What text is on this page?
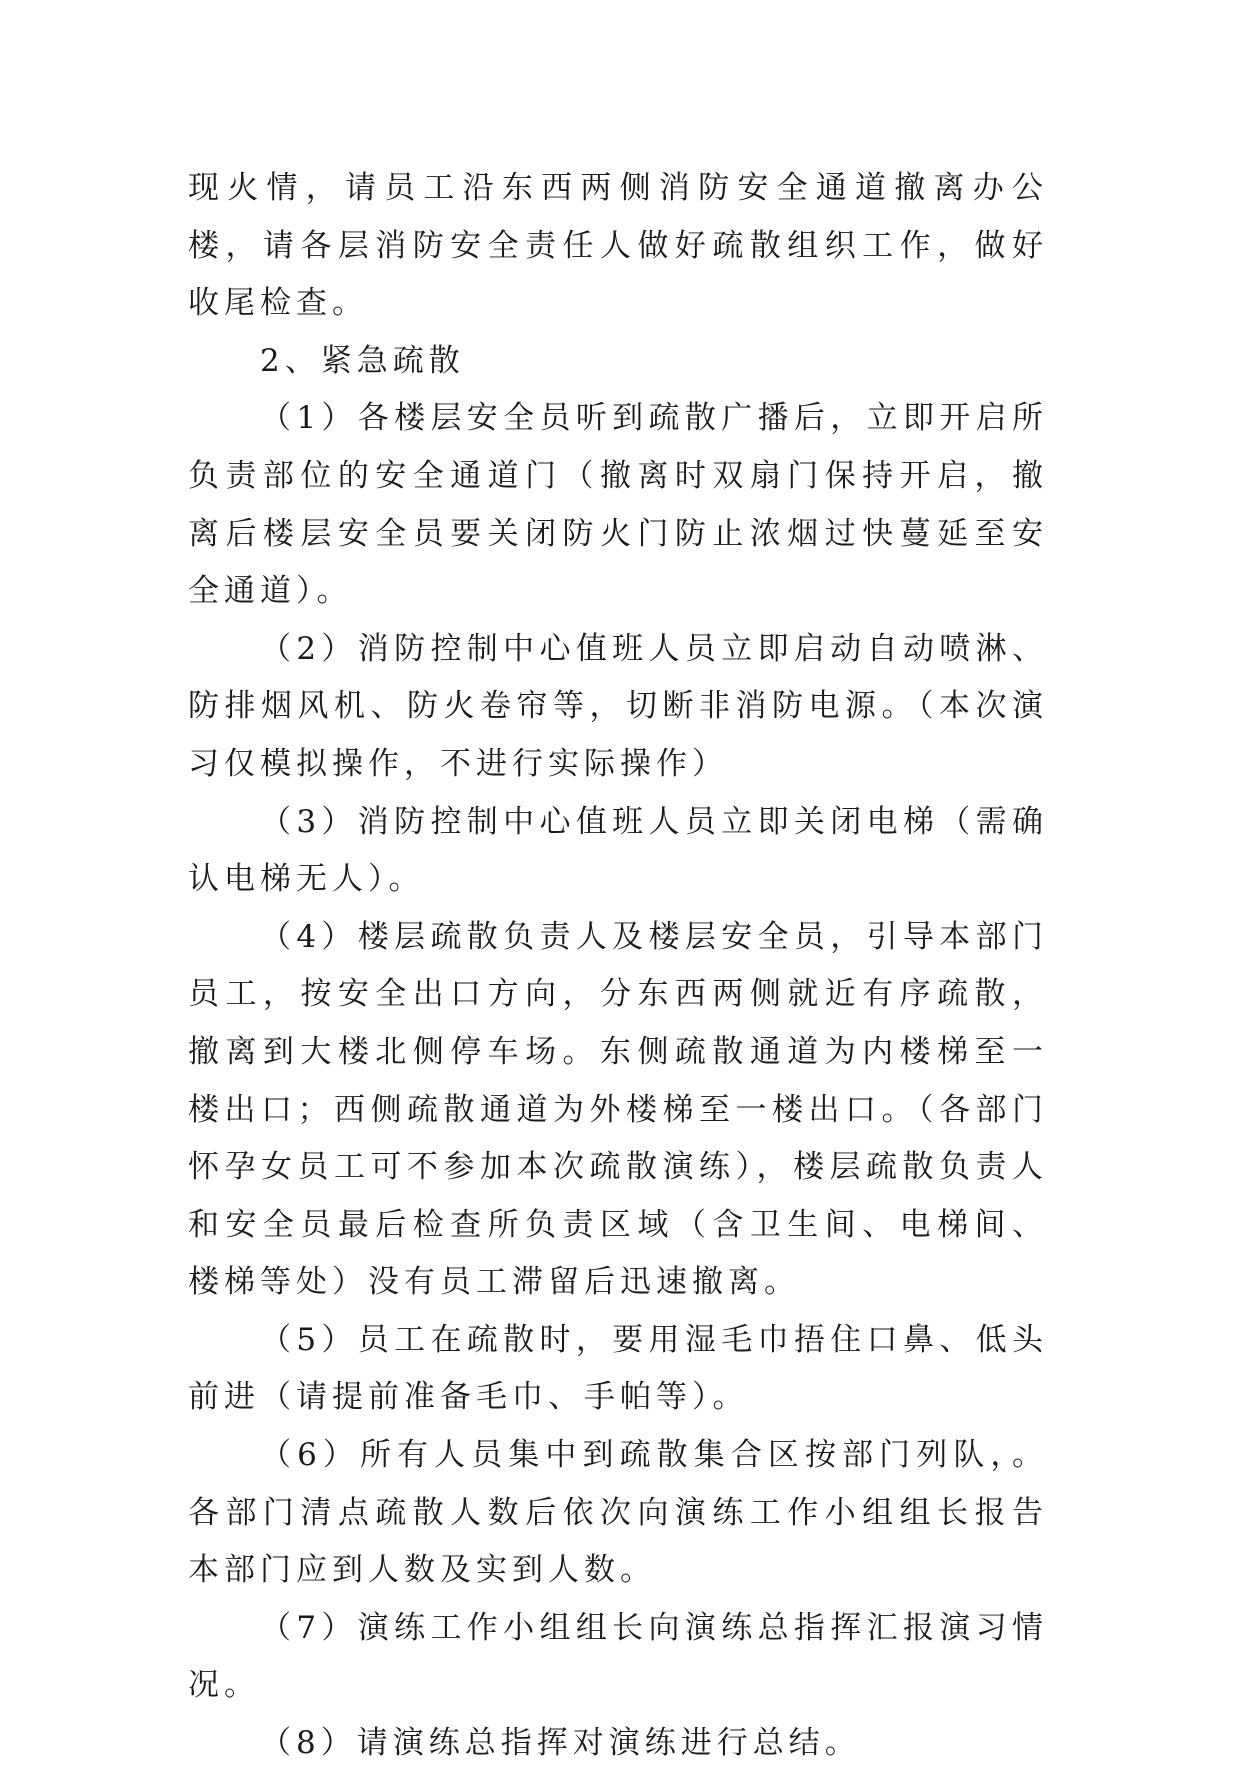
现火情，请员工沿东西两侧消防安全通道撤离办公楼，请各层消防安全责任人做好疏散组织工作，做好收尾检查。

2、紧急疏散

（1）各楼层安全员听到疏散广播后，立即开启所负责部位的安全通道门（撤离时双扇门保持开启，撤离后楼层安全员要关闭防火门防止浓烟过快蔓延至安全通道）。

（2）消防控制中心值班人员立即启动自动喷淋、防排烟风机、防火卷帘等，切断非消防电源。（本次演习仅模拟操作，不进行实际操作）

（3）消防控制中心值班人员立即关闭电梯（需确认电梯无人）。

（4）楼层疏散负责人及楼层安全员，引导本部门员工，按安全出口方向，分东西两侧就近有序疏散，撤离到大楼北侧停车场。东侧疏散通道为内楼梯至一楼出口；西侧疏散通道为外楼梯至一楼出口。（各部门怀孕女员工可不参加本次疏散演练），楼层疏散负责人和安全员最后检查所负责区域（含卫生间、电梯间、楼梯等处）没有员工滞留后迅速撤离。

（5）员工在疏散时，要用湿毛巾捂住口鼻、低头前进（请提前准备毛巾、手帕等）。

（6）所有人员集中到疏散集合区按部门列队，。各部门清点疏散人数后依次向演练工作小组组长报告本部门应到人数及实到人数。

（7）演练工作小组组长向演练总指挥汇报演习情况。

（8）请演练总指挥对演练进行总结。
